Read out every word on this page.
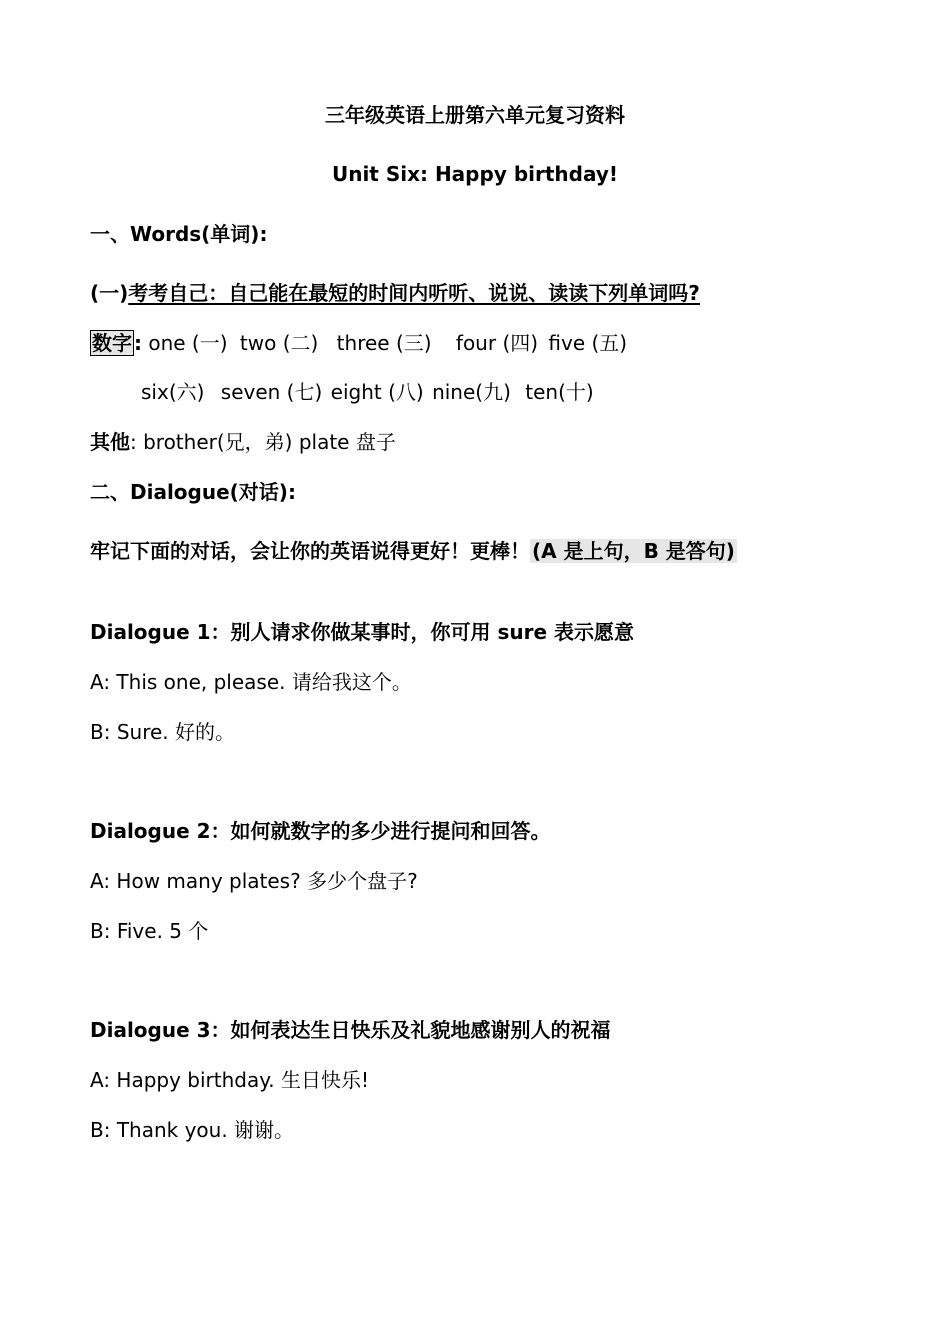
三年级英语上册第六单元复习资料
Unit Six: Happy birthday!
一、Words(单词):
(一)考考自己：自己能在最短的时间内听听、说说、读读下列单词吗?
数字 : one (一) two (二) three (三) four (四) five (五)
six(六) seven (七) eight (八) nine(九) ten(十)
其他: brother(兄，弟) plate 盘子
二、Dialogue(对话):
牢记下面的对话，会让你的英语说得更好！更棒！ (A 是上句，B 是答句)
Dialogue 1：别人请求你做某事时，你可用 sure 表示愿意
A: This one, please. 请给我这个。
B: Sure. 好的。
Dialogue 2：如何就数字的多少进行提问和回答。
A: How many plates? 多少个盘子?
B: Five. 5 个
Dialogue 3：如何表达生日快乐及礼貌地感谢别人的祝福
A: Happy birthday. 生日快乐!
B: Thank you. 谢谢。
